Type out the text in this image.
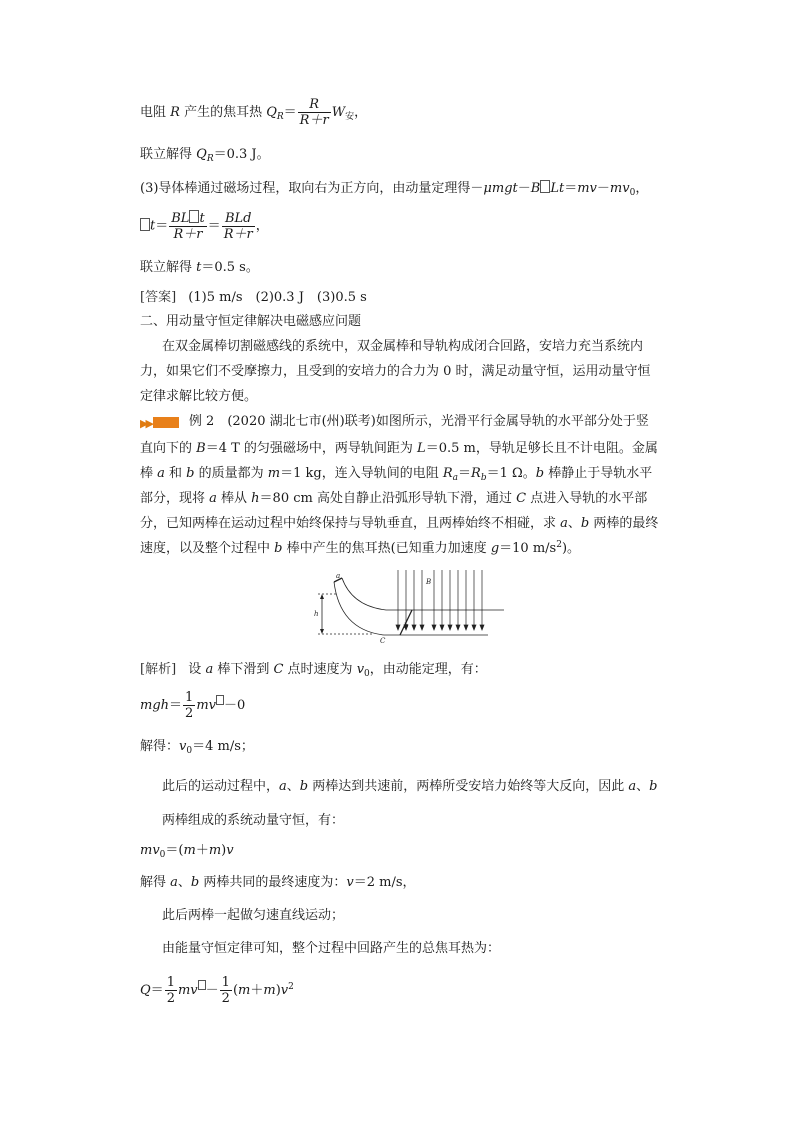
电阻 R 产生的焦耳热 $Q_R= \frac{R}{R+r} W_安$，
联立解得 $Q_R=0.3$ J。
(3)导体棒通过磁场过程，取向右为正方向，由动量定理得－μmgt－B $Lt=mv-mv_0$，
$t= \frac{\text{BL t}}{R+r} = \frac{\text{BLd}}{R+r}$ ，
联立解得 t＝0.5 s。
[答案] (1)5 m/s　(2)0.3 J　(3)0.5 s
二、用动量守恒定律解决电磁感应问题
在双金属棒切割磁感线的系统中，双金属棒和导轨构成闭合回路，安培力充当系统内力，如果它们不受摩擦力，且受到的安培力的合力为 0 时，满足动量守恒，运用动量守恒定律求解比较方便。
▶▶	例 2　(2020 湖北七市(州)联考)如图所示，光滑平行金属导轨的水平部分处于竖直向下的 B＝4 T 的匀强磁场中，两导轨间距为 L＝0.5 m，导轨足够长且不计电阻。金属棒 a 和 b 的质量都为 m＝1 kg，连入导轨间的电阻 $R_a=R_b=1$ Ω。b 棒静止于导轨水平部分，现将 a 棒从 h＝80 cm 高处自静止沿弧形导轨下滑，通过 C 点进入导轨的水平部分，已知两棒在运动过程中始终保持与导轨垂直，且两棒始终不相碰，求 a、b 两棒的最终速度，以及整个过程中 b 棒中产生的焦耳热(已知重力加速度 g＝10 $m/s^2$)。
a
B
h
C
b
[解析] 设 a 棒下滑到 C 点时速度为 $v_0$，由动能定理，有：
$mgh= \frac{1}{2}$ mv －0
解得：$v_0=4$ m/s；
此后的运动过程中，a、b 两棒达到共速前，两棒所受安培力始终等大反向，因此 a、b 两棒组成的系统动量守恒，有：
$mv_0=(m+m)v$
解得 a、b 两棒共同的最终速度为：v＝2 m/s，
此后两棒一起做匀速直线运动；
由能量守恒定律可知，整个过程中回路产生的总焦耳热为：
$Q= \frac{1}{2}$ mv － $\frac{1}{2} (m+m)v^2$
